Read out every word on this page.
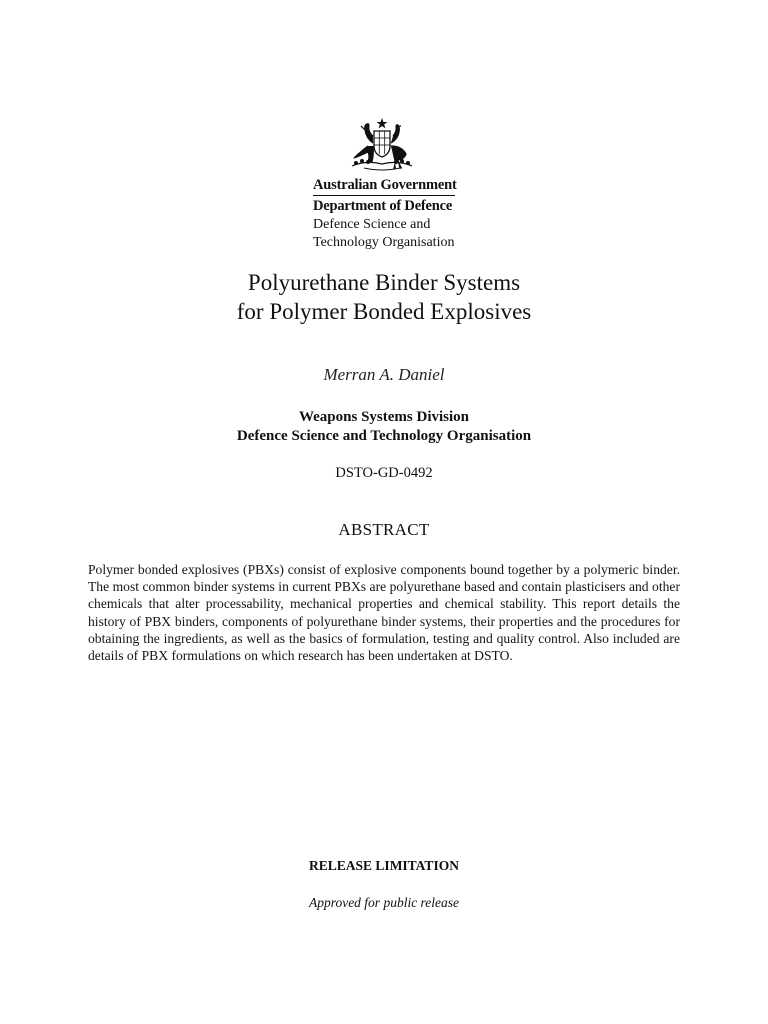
Australian Government
Department of Defence
Defence Science and
Technology Organisation
Polyurethane Binder Systems
for Polymer Bonded Explosives
Merran A. Daniel
Weapons Systems Division
Defence Science and Technology Organisation
DSTO-GD-0492
ABSTRACT
Polymer bonded explosives (PBXs) consist of explosive components bound together by a polymeric binder. The most common binder systems in current PBXs are polyurethane based and contain plasticisers and other chemicals that alter processability, mechanical properties and chemical stability. This report details the history of PBX binders, components of polyurethane binder systems, their properties and the procedures for obtaining the ingredients, as well as the basics of formulation, testing and quality control. Also included are details of PBX formulations on which research has been undertaken at DSTO.
RELEASE LIMITATION
Approved for public release
